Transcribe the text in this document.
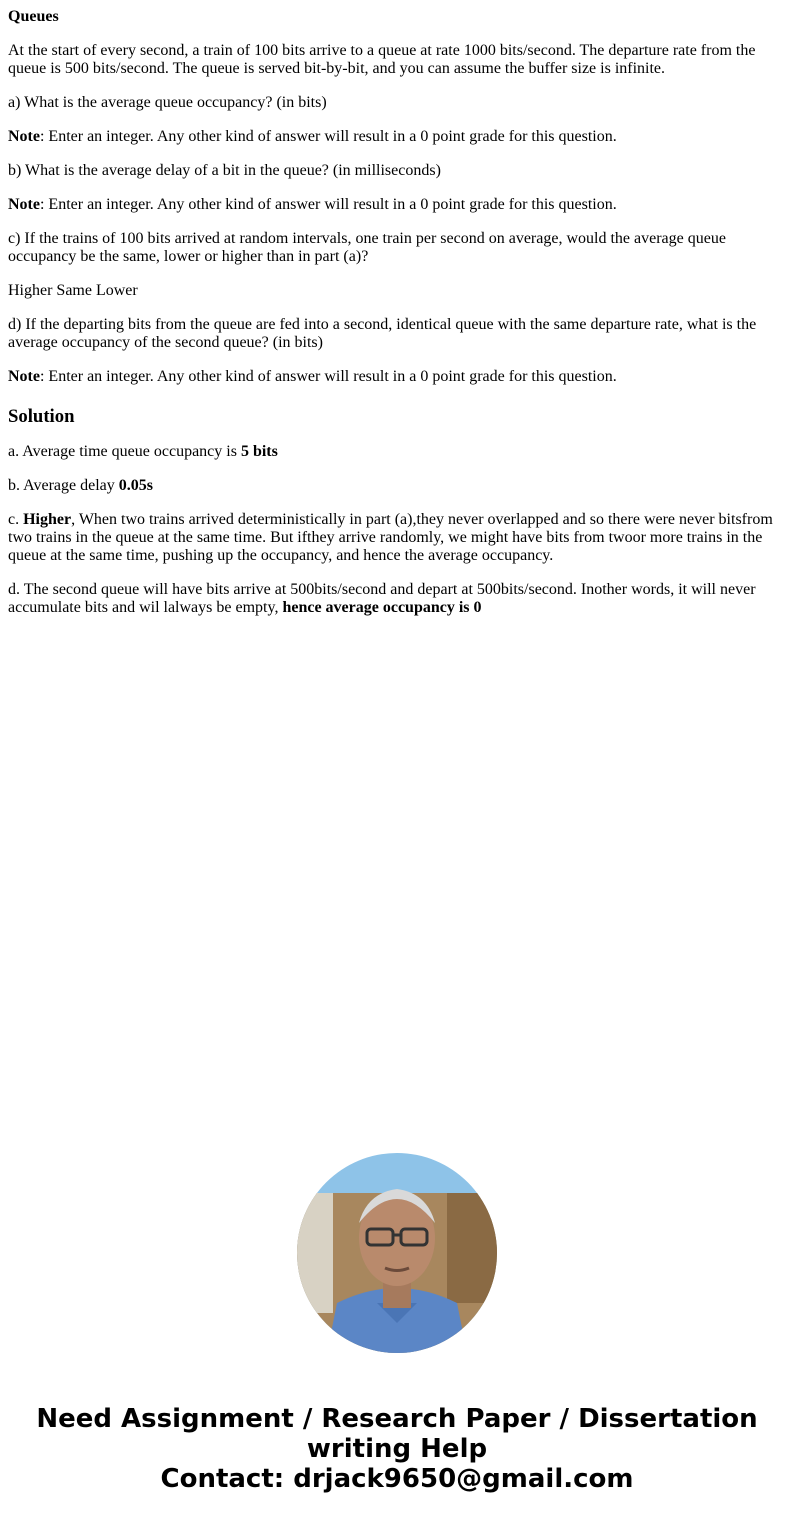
Queues

At the start of every second, a train of 100 bits arrive to a queue at rate 1000 bits/second. The departure rate from the queue is 500 bits/second. The queue is served bit-by-bit, and you can assume the buffer size is infinite.

a) What is the average queue occupancy? (in bits)

Note: Enter an integer. Any other kind of answer will result in a 0 point grade for this question.

b) What is the average delay of a bit in the queue? (in milliseconds)

Note: Enter an integer. Any other kind of answer will result in a 0 point grade for this question.

c) If the trains of 100 bits arrived at random intervals, one train per second on average, would the average queue occupancy be the same, lower or higher than in part (a)?

Higher Same Lower

d) If the departing bits from the queue are fed into a second, identical queue with the same departure rate, what is the average occupancy of the second queue? (in bits)

Note: Enter an integer. Any other kind of answer will result in a 0 point grade for this question.

Solution

a. Average time queue occupancy is 5 bits

b. Average delay 0.05s

c. Higher, When two trains arrived deterministically in part (a),they never overlapped and so there were never bitsfrom two trains in the queue at the same time. But ifthey arrive randomly, we might have bits from twoor more trains in the queue at the same time, pushing up the occupancy, and hence the average occupancy.

d. The second queue will have bits arrive at 500bits/second and depart at 500bits/second. Inother words, it will never accumulate bits and wil lalways be empty, hence average occupancy is 0

Need Assignment / Research Paper / Dissertation
writing Help
Contact: drjack9650@gmail.com
